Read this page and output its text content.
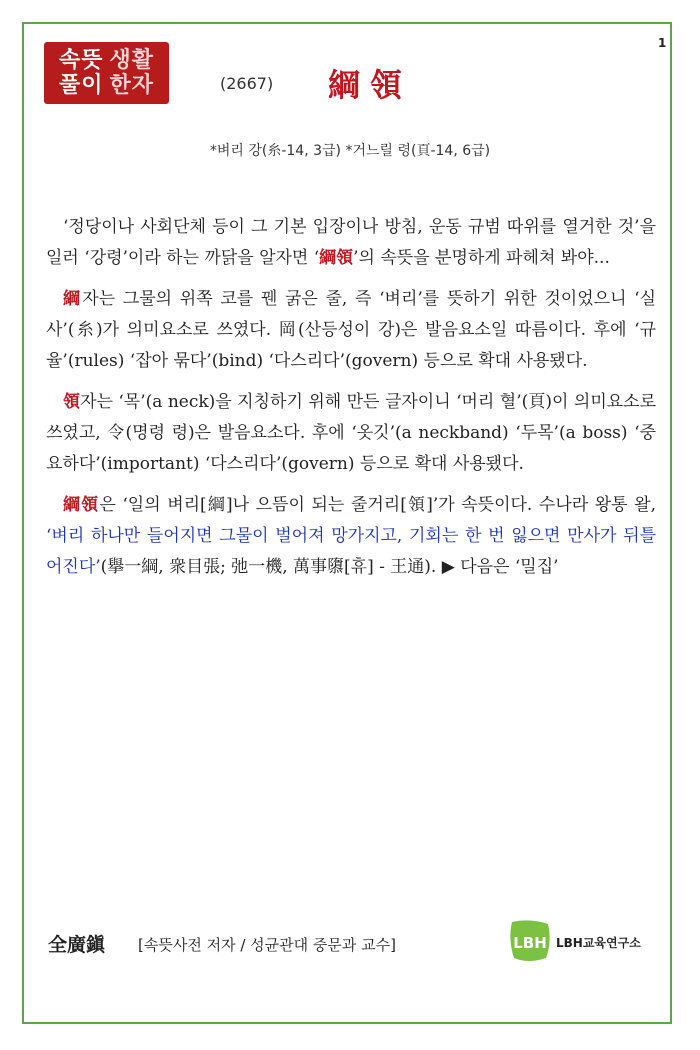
1
속뜻
풀이
생활
한자	(2667) 綱領
*벼리 강(糸-14, 3급) *거느릴 령(頁-14, 6급)

‘정당이나 사회단체 등이 그 기본 입장이나 방침, 운동 규범 따위를 열거한 것’을 일러 ‘강령’이라 하는 까닭을 알자면 ‘綱領’의 속뜻을 분명하게 파헤쳐 봐야...

綱자는 그물의 위쪽 코를 꿴 굵은 줄, 즉 ‘벼리’를 뜻하기 위한 것이었으니 ‘실 사’(糸)가 의미요소로 쓰였다. 岡(산등성이 강)은 발음요소일 따름이다. 후에 ‘규율’(rules) ‘잡아 묶다’(bind) ‘다스리다’(govern) 등으로 확대 사용됐다.

領자는 ‘목’(a neck)을 지칭하기 위해 만든 글자이니 ‘머리 혈’(頁)이 의미요소로 쓰였고, 令(명령 령)은 발음요소다. 후에 ‘옷깃’(a neckband) ‘두목’(a boss) ‘중요하다’(important) ‘다스리다’(govern) 등으로 확대 사용됐다.

綱領은 ‘일의 벼리[綱]나 으뜸이 되는 줄거리[領]’가 속뜻이다. 수나라 왕통 왈, ‘벼리 하나만 들어지면 그물이 벌어져 망가지고, 기회는 한 번 잃으면 만사가 뒤틀어진다’(擧一綱, 衆目張; 弛一機, 萬事隳[휴] - 王通). ▶ 다음은 ‘밀집’

全廣鎭 [속뜻사전 저자 / 성균관대 중문과 교수]	LBH LBH교육연구소
